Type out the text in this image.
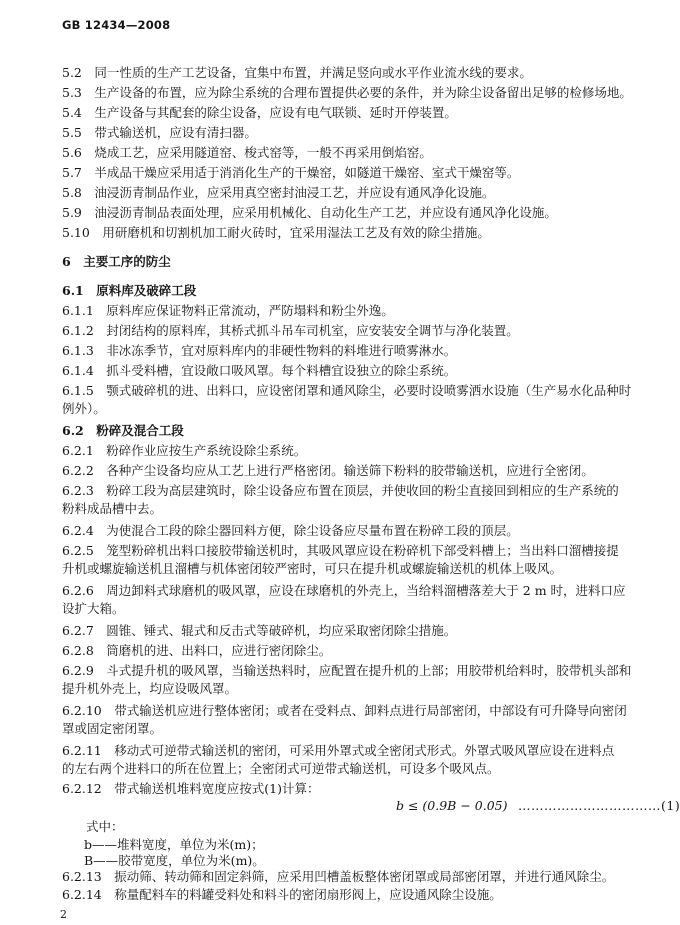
GB 12434—2008
5.2　同一性质的生产工艺设备，宜集中布置，并满足竖向或水平作业流水线的要求。
5.3　生产设备的布置，应为除尘系统的合理布置提供必要的条件，并为除尘设备留出足够的检修场地。
5.4　生产设备与其配套的除尘设备，应设有电气联锁、延时开停装置。
5.5　带式输送机，应设有清扫器。
5.6　烧成工艺，应采用隧道窑、梭式窑等，一般不再采用倒焰窑。
5.7　半成品干燥应采用适于消消化生产的干燥窑，如隧道干燥窑、室式干燥窑等。
5.8　油浸沥青制品作业，应采用真空密封油浸工艺，并应设有通风净化设施。
5.9　油浸沥青制品表面处理，应采用机械化、自动化生产工艺，并应设有通风净化设施。
5.10　用研磨机和切割机加工耐火砖时，宜采用湿法工艺及有效的除尘措施。
6　主要工序的防尘
6.1　原料库及破碎工段
6.1.1　原料库应保证物料正常流动，严防塌料和粉尘外逸。
6.1.2　封闭结构的原料库，其桥式抓斗吊车司机室，应安装安全调节与净化装置。
6.1.3　非冰冻季节，宜对原料库内的非硬性物料的料堆进行喷雾淋水。
6.1.4　抓斗受料槽，宜设敞口吸风罩。每个料槽宜设独立的除尘系统。
6.1.5　颚式破碎机的进、出料口，应设密闭罩和通风除尘，必要时设喷雾洒水设施（生产易水化品种时
例外）。
6.2　粉碎及混合工段
6.2.1　粉碎作业应按生产系统设除尘系统。
6.2.2　各种产尘设备均应从工艺上进行严格密闭。输送筛下粉料的胶带输送机，应进行全密闭。
6.2.3　粉碎工段为高层建筑时，除尘设备应布置在顶层，并使收回的粉尘直接回到相应的生产系统的
粉料成品槽中去。
6.2.4　为使混合工段的除尘器回料方便，除尘设备应尽量布置在粉碎工段的顶层。
6.2.5　笼型粉碎机出料口接胶带输送机时，其吸风罩应设在粉碎机下部受料槽上；当出料口溜槽接提
升机或螺旋输送机且溜槽与机体密闭较严密时，可只在提升机或螺旋输送机的机体上吸风。
6.2.6　周边卸料式球磨机的吸风罩，应设在球磨机的外壳上，当给料溜槽落差大于 2 m 时，进料口应
设扩大箱。
6.2.7　圆锥、锤式、辊式和反击式等破碎机，均应采取密闭除尘措施。
6.2.8　筒磨机的进、出料口，应进行密闭除尘。
6.2.9　斗式提升机的吸风罩，当输送热料时，应配置在提升机的上部；用胶带机给料时，胶带机头部和
提升机外壳上，均应设吸风罩。
6.2.10　带式输送机应进行整体密闭；或者在受料点、卸料点进行局部密闭，中部设有可升降导向密闭
罩或固定密闭罩。
6.2.11　移动式可逆带式输送机的密闭，可采用外罩式或全密闭式形式。外罩式吸风罩应设在进料点
的左右两个进料口的所在位置上；全密闭式可逆带式输送机，可设多个吸风点。
6.2.12　带式输送机堆料宽度应按式(1)计算：
b ≤ (0.9B − 0.05) ……………………………(1)
式中：
b——堆料宽度，单位为米(m)；
B——胶带宽度，单位为米(m)。
6.2.13　振动筛、转动筛和固定斜筛，应采用凹槽盖板整体密闭罩或局部密闭罩，并进行通风除尘。
6.2.14　称量配料车的料罐受料处和料斗的密闭扇形阀上，应设通风除尘设施。
2
